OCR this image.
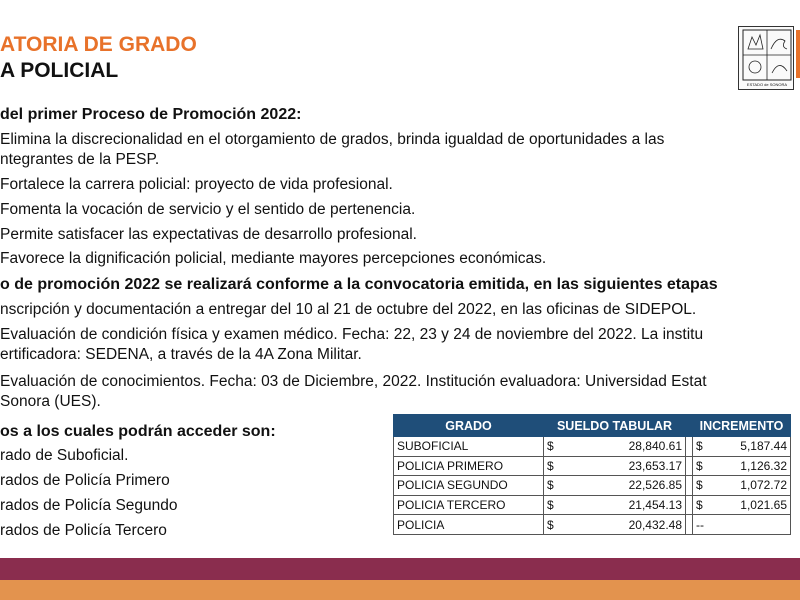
ATORIA DE GRADO
A POLICIAL
ESTADO de SONORA
del primer Proceso de Promoción 2022:
Elimina la discrecionalidad en el otorgamiento de grados, brinda igualdad de oportunidades a las
ntegrantes de la PESP.
Fortalece la carrera policial: proyecto de vida profesional.
Fomenta la vocación de servicio y el sentido de pertenencia.
Permite satisfacer las expectativas de desarrollo profesional.
Favorece la dignificación policial, mediante mayores percepciones económicas.
o de promoción 2022 se realizará conforme a la convocatoria emitida, en las siguientes etapas
nscripción y documentación a entregar del 10 al 21 de octubre del 2022, en las oficinas de SIDEPOL.
Evaluación de condición física y examen médico. Fecha: 22, 23 y 24 de noviembre del 2022. La institu
ertificadora: SEDENA, a través de la 4A Zona Militar.
Evaluación de conocimientos. Fecha: 03 de Diciembre, 2022. Institución evaluadora: Universidad Estat
Sonora (UES).
os a los cuales podrán acceder son:
rado de Suboficial.
rados de Policía Primero
rados de Policía Segundo
rados de Policía Tercero
GRADO	SUELDO TABULAR			INCREMENTO	
SUBOFICIAL	$	28,840.61		$	5,187.44
POLICIA PRIMERO	$	23,653.17		$	1,126.32
POLICIA SEGUNDO	$	22,526.85		$	1,072.72
POLICIA TERCERO	$	21,454.13		$	1,021.65
POLICIA	$	20,432.48		--	
